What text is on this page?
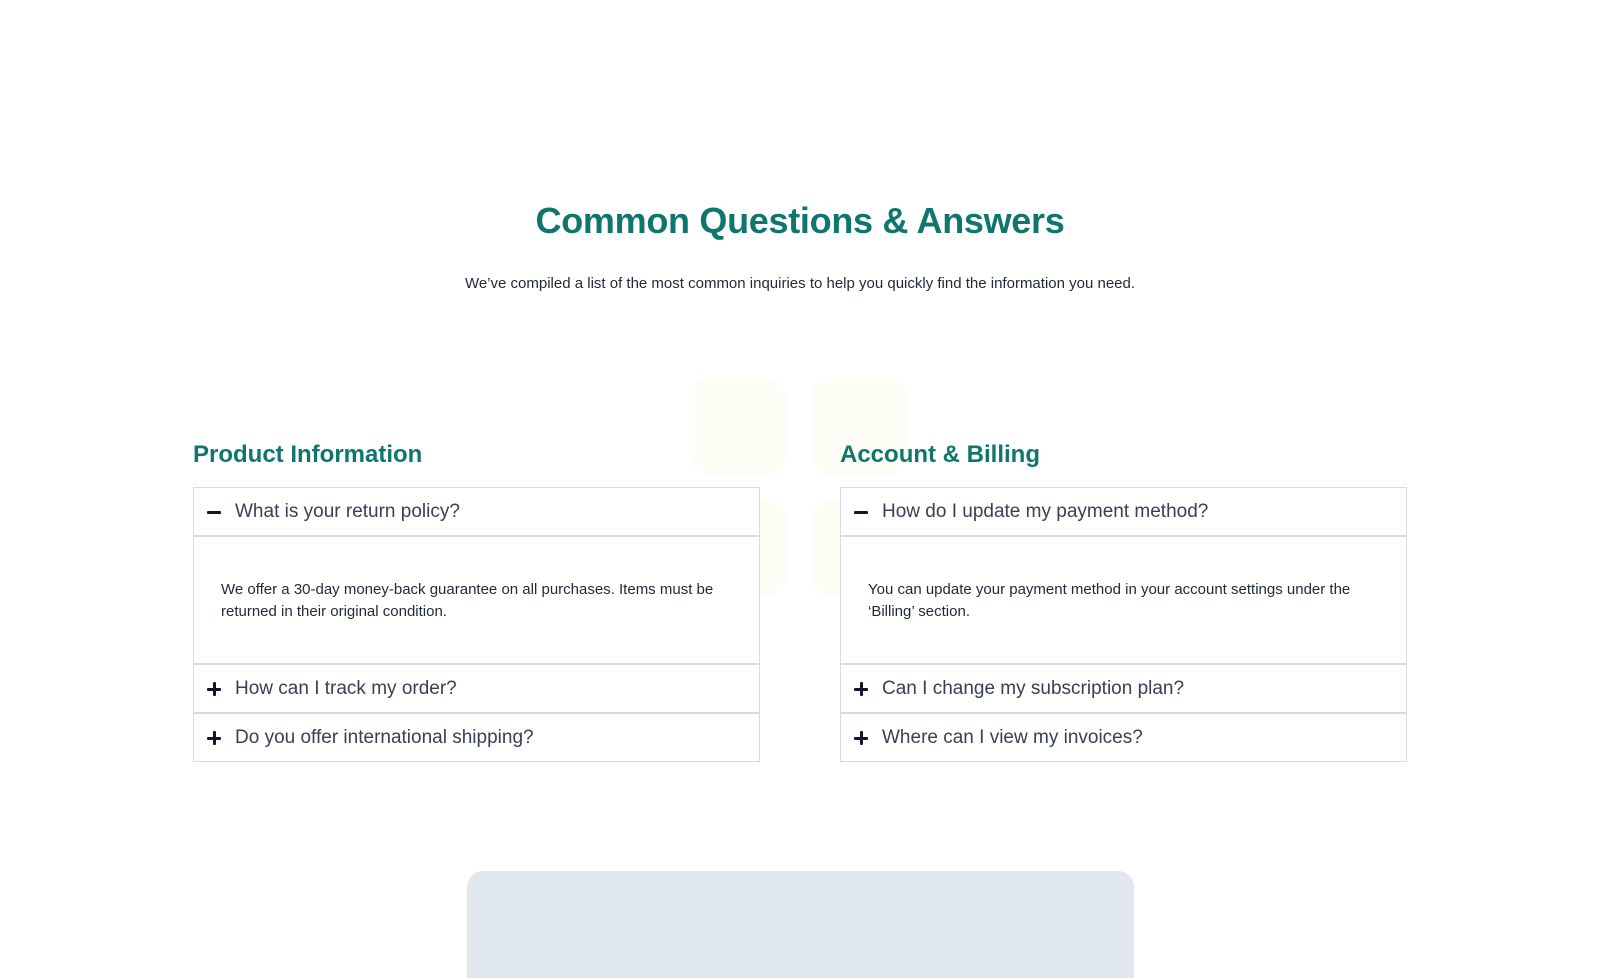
Common Questions & Answers

We’ve compiled a list of the most common inquiries to help you quickly find the information you need.

Product Information
What is your return policy?
We offer a 30-day money-back guarantee on all purchases. Items must be returned in their original condition.
How can I track my order?
Do you offer international shipping?
Account & Billing
How do I update my payment method?
You can update your payment method in your account settings under the ‘Billing’ section.
Can I change my subscription plan?
Where can I view my invoices?
